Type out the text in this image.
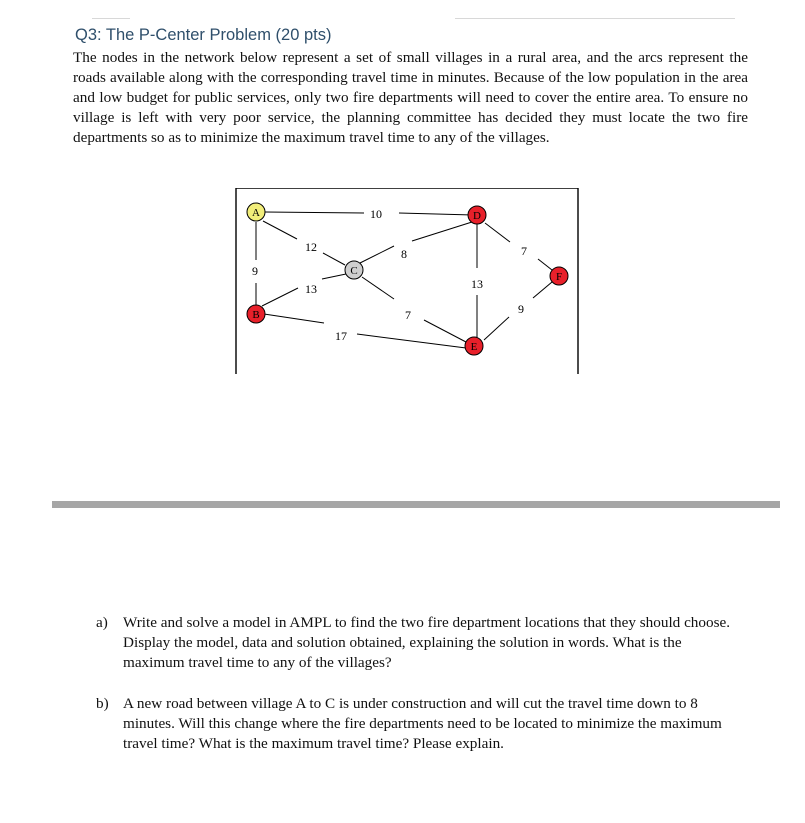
Q3: The P-Center Problem (20 pts)

The nodes in the network below represent a set of small villages in a rural area, and the arcs represent the roads available along with the corresponding travel time in minutes. Because of the low population in the area and low budget for public services, only two fire departments will need to cover the entire area. To ensure no village is left with very poor service, the planning committee has decided they must locate the two fire departments so as to minimize the maximum travel time to any of the villages.

10
9
12
13
8
7
17
13
7
9
A
B
C
D
E
F
a) Write and solve a model in AMPL to find the two fire department locations that they should choose. Display the model, data and solution obtained, explaining the solution in words. What is the maximum travel time to any of the villages?
b) A new road between village A to C is under construction and will cut the travel time down to 8 minutes. Will this change where the fire departments need to be located to minimize the maximum travel time? What is the maximum travel time? Please explain.
